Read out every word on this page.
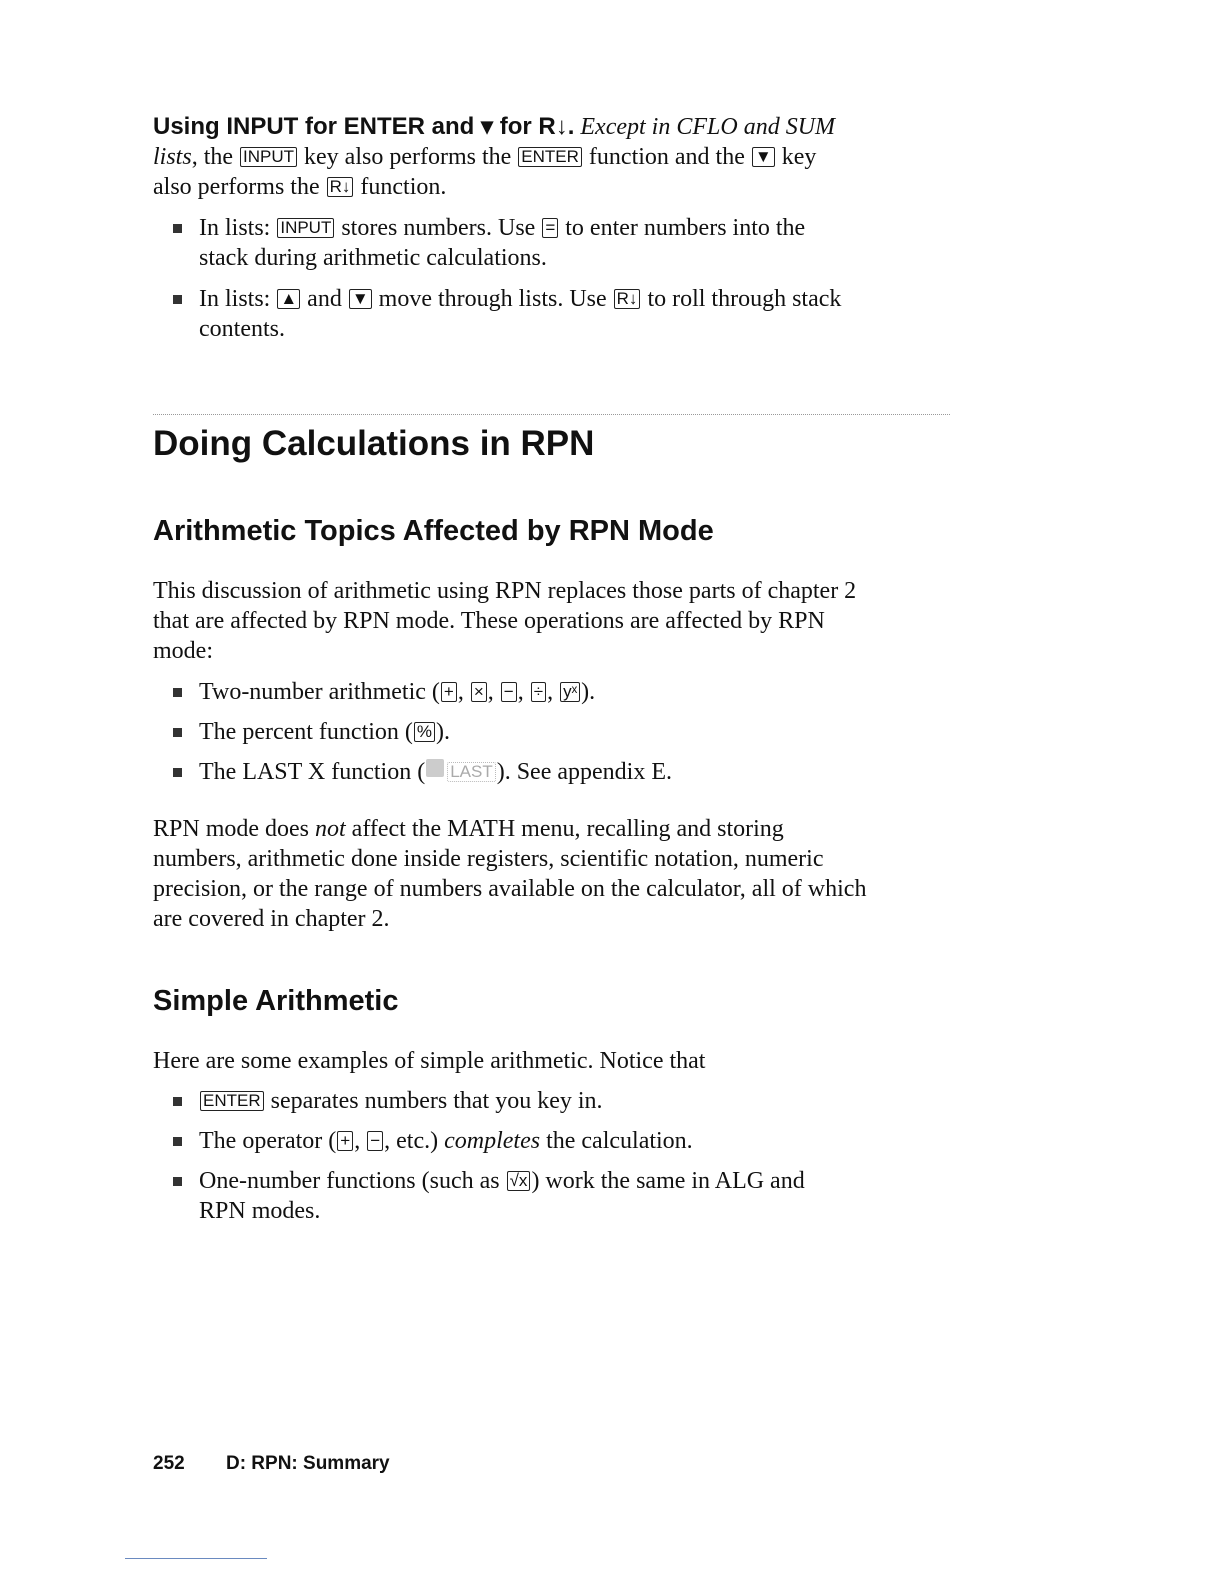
Using INPUT for ENTER and ▾ for R↓. Except in CFLO and SUM
lists, the INPUT key also performs the ENTER function and the ▼ key
also performs the R↓ function.
In lists: INPUT stores numbers. Use = to enter numbers into the
stack during arithmetic calculations.
In lists: ▲ and ▼ move through lists. Use R↓ to roll through stack
contents.
Doing Calculations in RPN
Arithmetic Topics Affected by RPN Mode
This discussion of arithmetic using RPN replaces those parts of chapter 2
that are affected by RPN mode. These operations are affected by RPN
mode:
Two-number arithmetic ( + , × , − , ÷ , yˣ ).
The percent function ( % ).
The LAST X function ( LAST ). See appendix E.
RPN mode does not affect the MATH menu, recalling and storing
numbers, arithmetic done inside registers, scientific notation, numeric
precision, or the range of numbers available on the calculator, all of which
are covered in chapter 2.
Simple Arithmetic
Here are some examples of simple arithmetic. Notice that
ENTER separates numbers that you key in.
The operator ( + , − , etc.) completes the calculation.
One-number functions (such as √x ) work the same in ALG and
RPN modes.
252 D: RPN: Summary
